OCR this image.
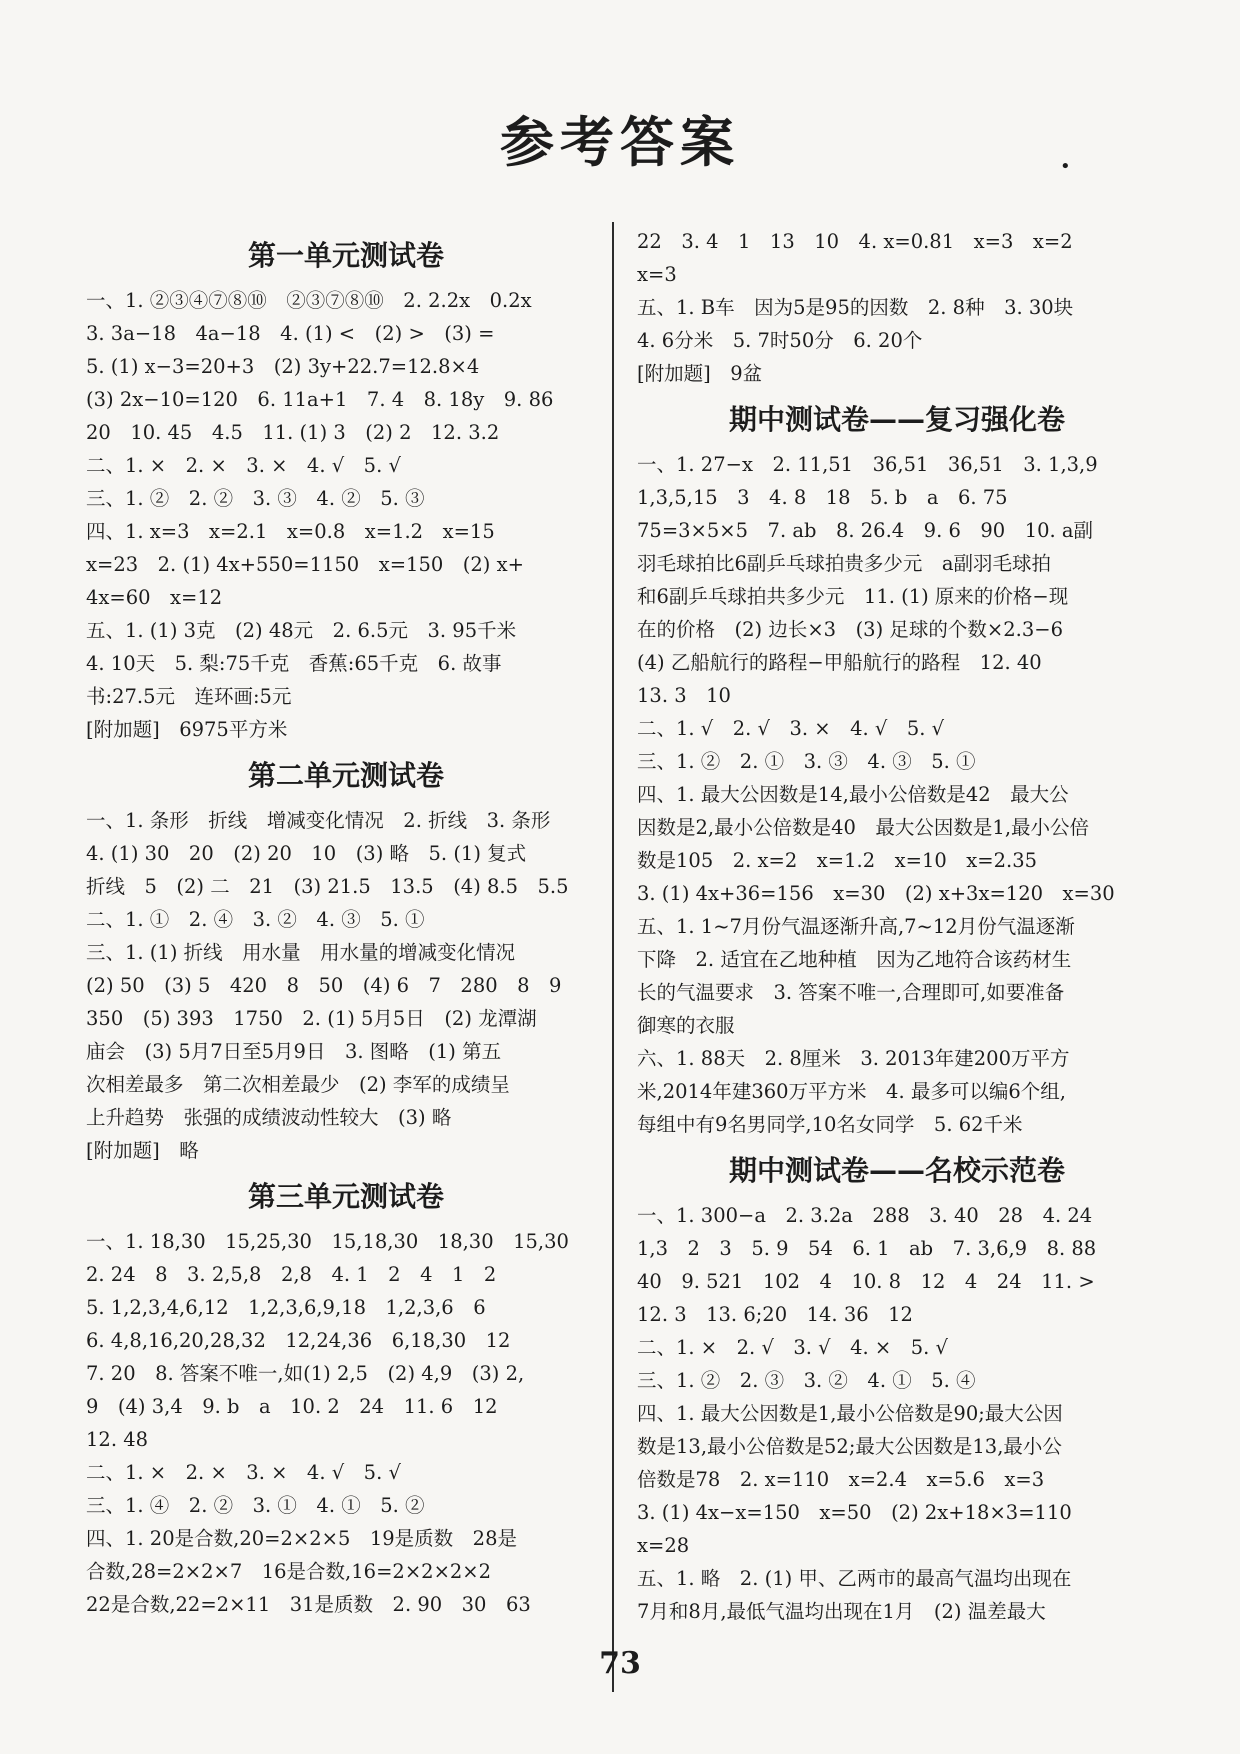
参考答案	•
第一单元测试卷
一、1. ②③④⑦⑧⑩　②③⑦⑧⑩　2. 2.2x　0.2x
3. 3a−18　4a−18　4. (1) <　(2) >　(3) =
5. (1) x−3=20+3　(2) 3y+22.7=12.8×4
(3) 2x−10=120　6. 11a+1　7. 4　8. 18y　9. 86
20　10. 45　4.5　11. (1) 3　(2) 2　12. 3.2
二、1. ×　2. ×　3. ×　4. √　5. √
三、1. ②　2. ②　3. ③　4. ②　5. ③
四、1. x=3　x=2.1　x=0.8　x=1.2　x=15
x=23　2. (1) 4x+550=1150　x=150　(2) x+
4x=60　x=12
五、1. (1) 3克　(2) 48元　2. 6.5元　3. 95千米
4. 10天　5. 梨:75千克　香蕉:65千克　6. 故事
书:27.5元　连环画:5元
[附加题]　6975平方米
第二单元测试卷
一、1. 条形　折线　增减变化情况　2. 折线　3. 条形
4. (1) 30　20　(2) 20　10　(3) 略　5. (1) 复式
折线　5　(2) 二　21　(3) 21.5　13.5　(4) 8.5　5.5
二、1. ①　2. ④　3. ②　4. ③　5. ①
三、1. (1) 折线　用水量　用水量的增减变化情况
(2) 50　(3) 5　420　8　50　(4) 6　7　280　8　9
350　(5) 393　1750　2. (1) 5月5日　(2) 龙潭湖
庙会　(3) 5月7日至5月9日　3. 图略　(1) 第五
次相差最多　第二次相差最少　(2) 李军的成绩呈
上升趋势　张强的成绩波动性较大　(3) 略
[附加题]　略
第三单元测试卷
一、1. 18,30　15,25,30　15,18,30　18,30　15,30
2. 24　8　3. 2,5,8　2,8　4. 1　2　4　1　2
5. 1,2,3,4,6,12　1,2,3,6,9,18　1,2,3,6　6
6. 4,8,16,20,28,32　12,24,36　6,18,30　12
7. 20　8. 答案不唯一,如(1) 2,5　(2) 4,9　(3) 2,
9　(4) 3,4　9. b　a　10. 2　24　11. 6　12
12. 48
二、1. ×　2. ×　3. ×　4. √　5. √
三、1. ④　2. ②　3. ①　4. ①　5. ②
四、1. 20是合数,20=2×2×5　19是质数　28是
合数,28=2×2×7　16是合数,16=2×2×2×2
22是合数,22=2×11　31是质数　2. 90　30　63
22　3. 4　1　13　10　4. x=0.81　x=3　x=2
x=3
五、1. B车　因为5是95的因数　2. 8种　3. 30块
4. 6分米　5. 7时50分　6. 20个
[附加题]　9盆
期中测试卷——复习强化卷
一、1. 27−x　2. 11,51　36,51　36,51　3. 1,3,9
1,3,5,15　3　4. 8　18　5. b　a　6. 75
75=3×5×5　7. ab　8. 26.4　9. 6　90　10. a副
羽毛球拍比6副乒乓球拍贵多少元　a副羽毛球拍
和6副乒乓球拍共多少元　11. (1) 原来的价格−现
在的价格　(2) 边长×3　(3) 足球的个数×2.3−6
(4) 乙船航行的路程−甲船航行的路程　12. 40
13. 3　10
二、1. √　2. √　3. ×　4. √　5. √
三、1. ②　2. ①　3. ③　4. ③　5. ①
四、1. 最大公因数是14,最小公倍数是42　最大公
因数是2,最小公倍数是40　最大公因数是1,最小公倍
数是105　2. x=2　x=1.2　x=10　x=2.35
3. (1) 4x+36=156　x=30　(2) x+3x=120　x=30
五、1. 1~7月份气温逐渐升高,7~12月份气温逐渐
下降　2. 适宜在乙地种植　因为乙地符合该药材生
长的气温要求　3. 答案不唯一,合理即可,如要准备
御寒的衣服
六、1. 88天　2. 8厘米　3. 2013年建200万平方
米,2014年建360万平方米　4. 最多可以编6个组,
每组中有9名男同学,10名女同学　5. 62千米
期中测试卷——名校示范卷
一、1. 300−a　2. 3.2a　288　3. 40　28　4. 24
1,3　2　3　5. 9　54　6. 1　ab　7. 3,6,9　8. 88
40　9. 521　102　4　10. 8　12　4　24　11. >
12. 3　13. 6;20　14. 36　12
二、1. ×　2. √　3. √　4. ×　5. √
三、1. ②　2. ③　3. ②　4. ①　5. ④
四、1. 最大公因数是1,最小公倍数是90;最大公因
数是13,最小公倍数是52;最大公因数是13,最小公
倍数是78　2. x=110　x=2.4　x=5.6　x=3
3. (1) 4x−x=150　x=50　(2) 2x+18×3=110
x=28
五、1. 略　2. (1) 甲、乙两市的最高气温均出现在
7月和8月,最低气温均出现在1月　(2) 温差最大
73
